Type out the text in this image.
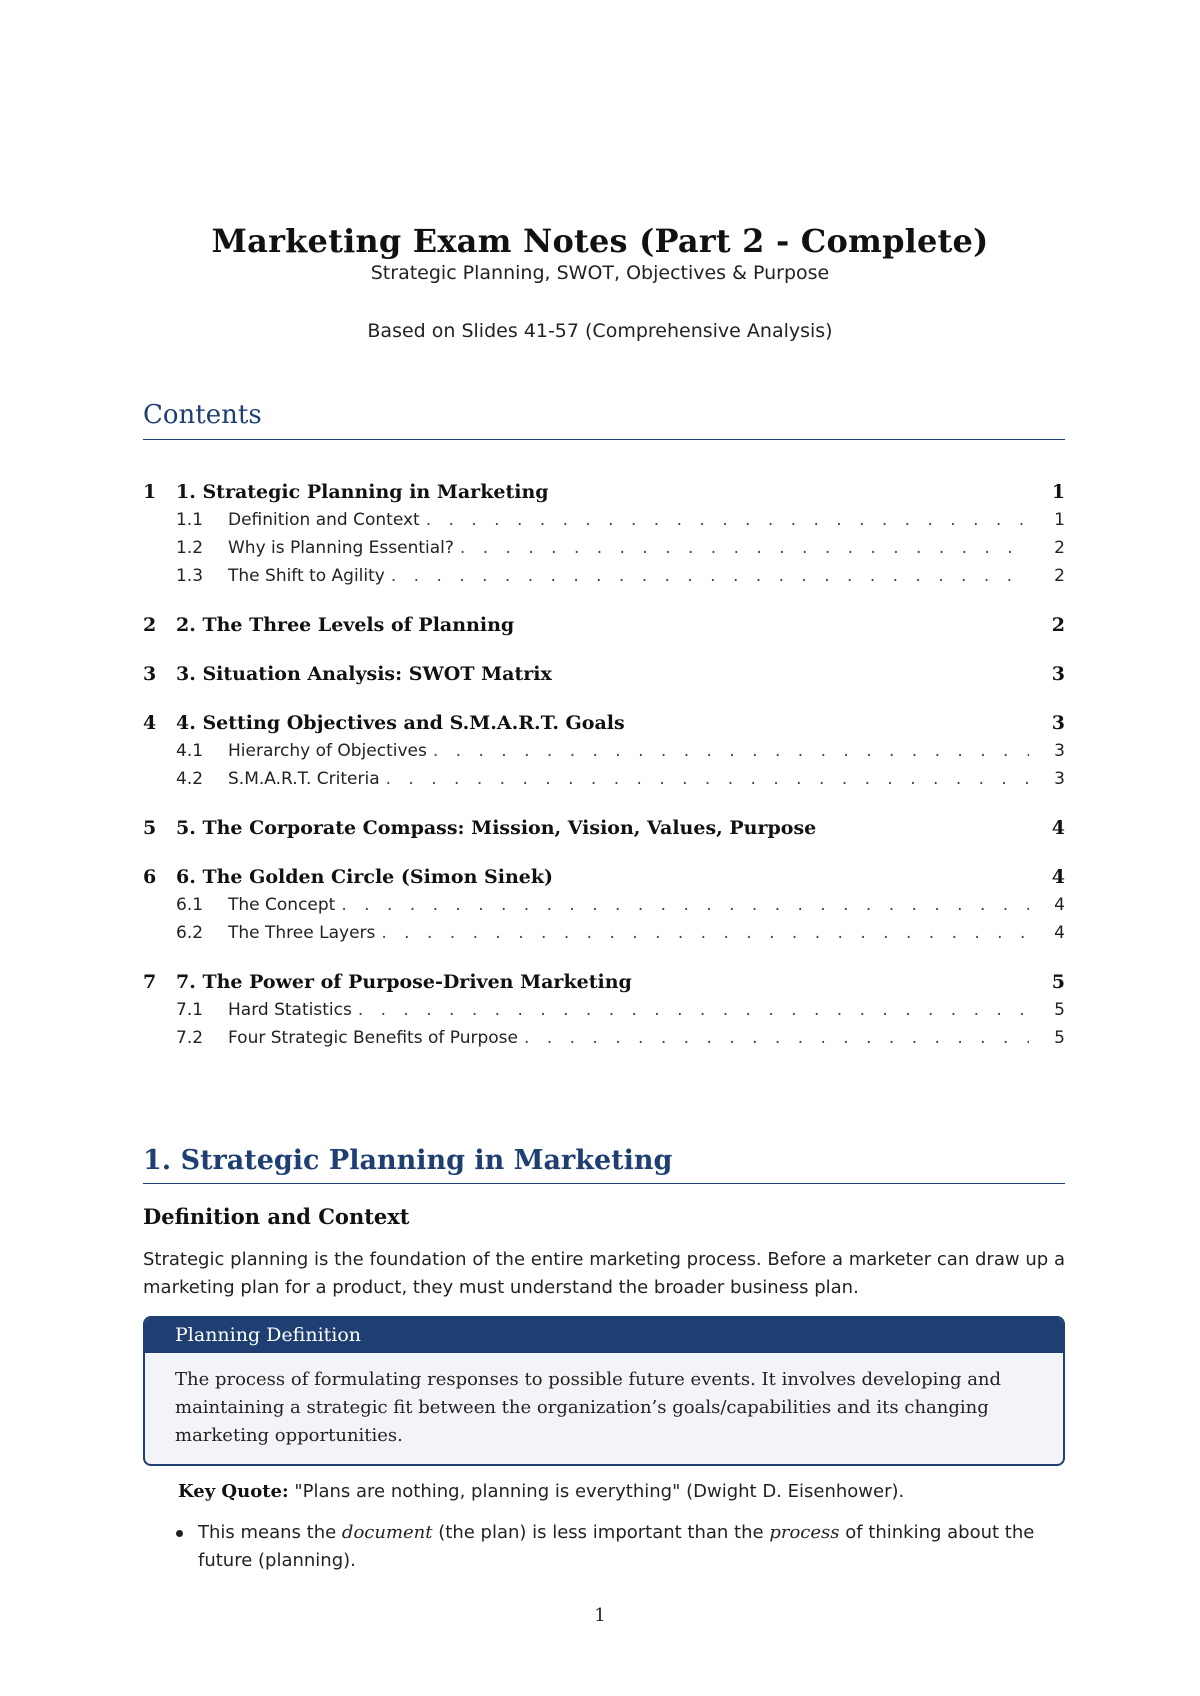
Marketing Exam Notes (Part 2 - Complete)
Strategic Planning, SWOT, Objectives & Purpose
Based on Slides 41-57 (Comprehensive Analysis)
Contents
1	1. Strategic Planning in Marketing	1
1.1	Definition and Context . . .	1
1.2	Why is Planning Essential? . . .	2
1.3	The Shift to Agility . . .	2
2	2. The Three Levels of Planning	2
3	3. Situation Analysis: SWOT Matrix	3
4	4. Setting Objectives and S.M.A.R.T. Goals	3
4.1	Hierarchy of Objectives . . .	3
4.2	S.M.A.R.T. Criteria . . .	3
5	5. The Corporate Compass: Mission, Vision, Values, Purpose	4
6	6. The Golden Circle (Simon Sinek)	4
6.1	The Concept . . .	4
6.2	The Three Layers . . .	4
7	7. The Power of Purpose-Driven Marketing	5
7.1	Hard Statistics . . .	5
7.2	Four Strategic Benefits of Purpose . . .	5
1. Strategic Planning in Marketing
Definition and Context
Strategic planning is the foundation of the entire marketing process. Before a marketer can draw up a marketing plan for a product, they must understand the broader business plan.
Planning Definition
The process of formulating responses to possible future events. It involves developing and maintaining a strategic fit between the organization’s goals/capabilities and its changing marketing opportunities.
Key Quote: "Plans are nothing, planning is everything" (Dwight D. Eisenhower).
This means the document (the plan) is less important than the process of thinking about the future (planning).
1
